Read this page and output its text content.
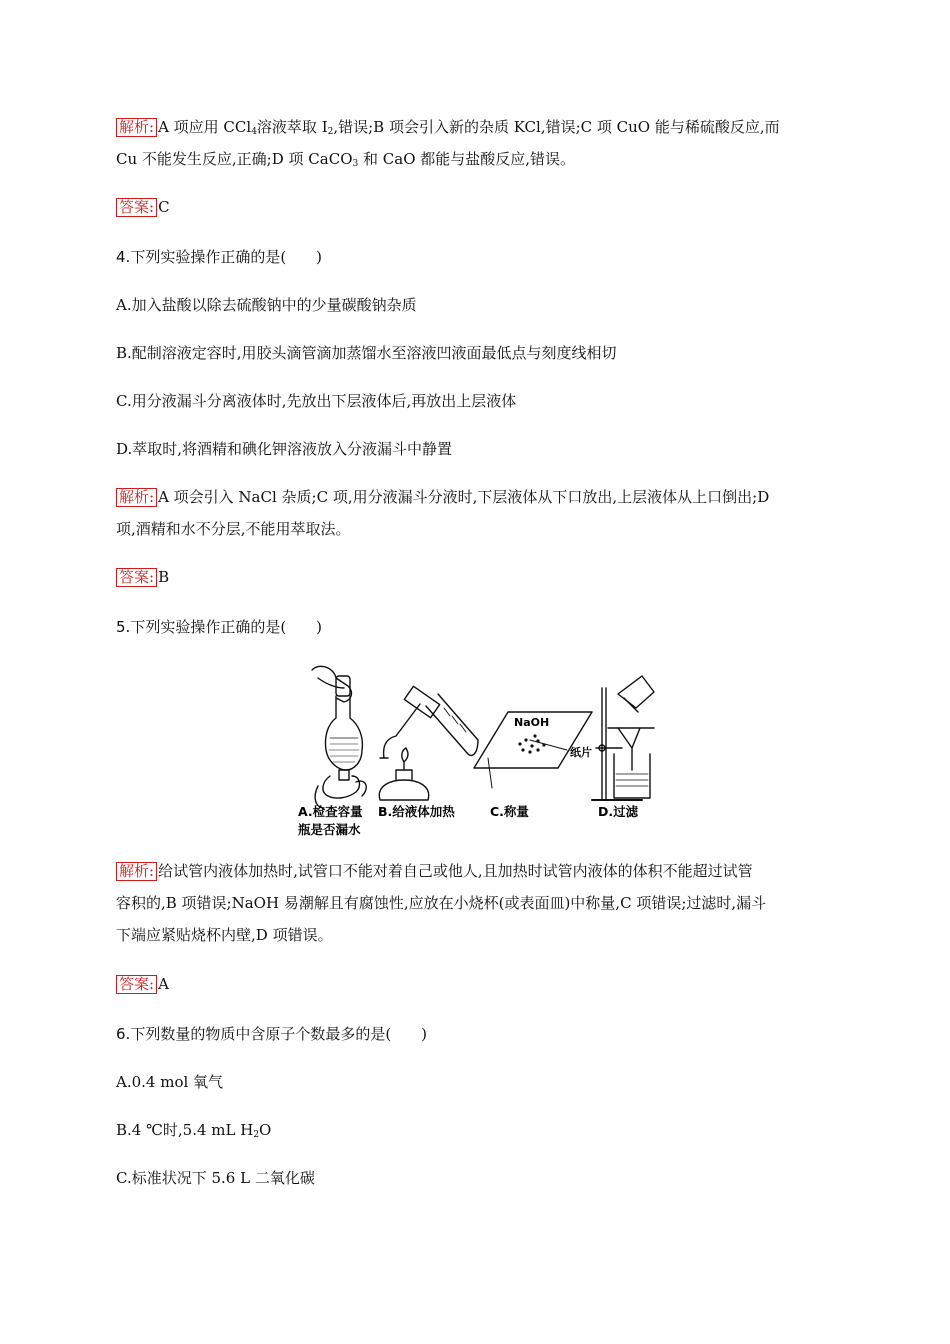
解析: A 项应用 CCl$_4$溶液萃取 $I_2$,错误;B 项会引入新的杂质 KCl,错误;C 项 CuO 能与稀硫酸反应,而
Cu 不能发生反应,正确;D 项 CaCO$_3$ 和 CaO 都能与盐酸反应,错误。
答案: C
4.下列实验操作正确的是(　　)
A.加入盐酸以除去硫酸钠中的少量碳酸钠杂质
B.配制溶液定容时,用胶头滴管滴加蒸馏水至溶液凹液面最低点与刻度线相切
C.用分液漏斗分离液体时,先放出下层液体后,再放出上层液体
D.萃取时,将酒精和碘化钾溶液放入分液漏斗中静置
解析: A 项会引入 NaCl 杂质;C 项,用分液漏斗分液时,下层液体从下口放出,上层液体从上口倒出;D
项,酒精和水不分层,不能用萃取法。
答案: B
5.下列实验操作正确的是(　　)
NaOH
纸片
A.检查容量
瓶是否漏水
B.给液体加热	C.称量	D.过滤
解析: 给试管内液体加热时,试管口不能对着自己或他人,且加热时试管内液体的体积不能超过试管
容积的,B 项错误;NaOH 易潮解且有腐蚀性,应放在小烧杯(或表面皿)中称量,C 项错误;过滤时,漏斗
下端应紧贴烧杯内壁,D 项错误。
答案: A
6.下列数量的物质中含原子个数最多的是(　　)
A.0.4 mol 氧气
B.4 ℃时,5.4 mL $H_2O$
C.标准状况下 5.6 L 二氧化碳
